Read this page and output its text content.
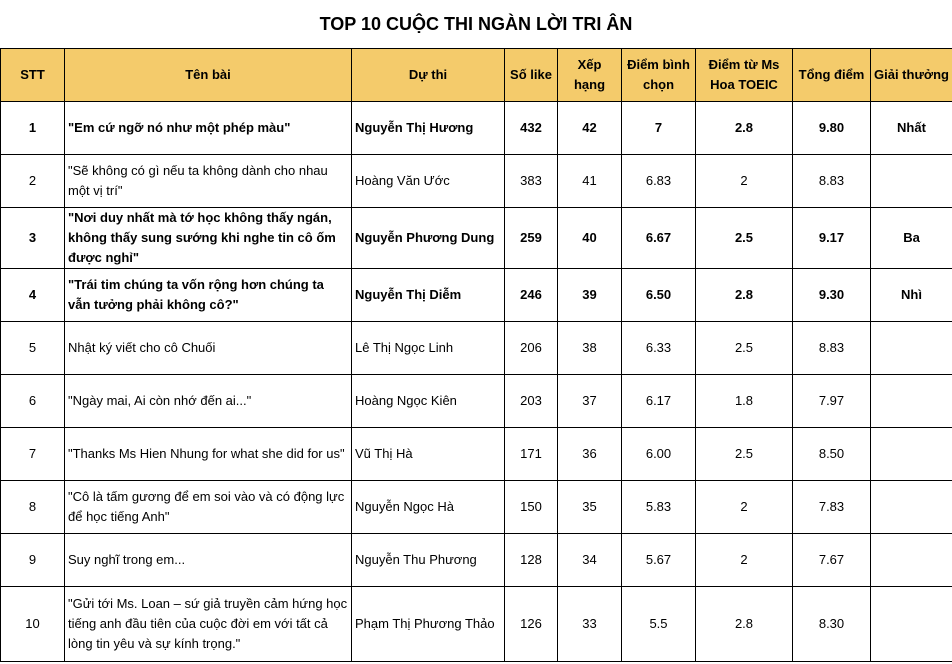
TOP 10 CUỘC THI NGÀN LỜI TRI ÂN
STT	Tên bài	Dự thi	Số like	Xếp hạng	Điểm bình chọn	Điểm từ Ms Hoa TOEIC	Tổng điểm	Giải thưởng
1	"Em cứ ngỡ nó như một phép màu"	Nguyễn Thị Hương	432	42	7	2.8	9.80	Nhất
2	"Sẽ không có gì nếu ta không dành cho nhau một vị trí"	Hoàng Văn Ước	383	41	6.83	2	8.83	
3	"Nơi duy nhất mà tớ học không thấy ngán, không thấy sung sướng khi nghe tin cô ốm được nghỉ"	Nguyễn Phương Dung	259	40	6.67	2.5	9.17	Ba
4	"Trái tim chúng ta vốn rộng hơn chúng ta vẫn tưởng phải không cô?"	Nguyễn Thị Diễm	246	39	6.50	2.8	9.30	Nhì
5	Nhật ký viết cho cô Chuối	Lê Thị Ngọc Linh	206	38	6.33	2.5	8.83	
6	"Ngày mai, Ai còn nhớ đến ai..."	Hoàng Ngọc Kiên	203	37	6.17	1.8	7.97	
7	"Thanks Ms Hien Nhung for what she did for us"	Vũ Thị Hà	171	36	6.00	2.5	8.50	
8	"Cô là tấm gương để em soi vào và có động lực để học tiếng Anh"	Nguyễn Ngọc Hà	150	35	5.83	2	7.83	
9	Suy nghĩ trong em...	Nguyễn Thu Phương	128	34	5.67	2	7.67	
10	"Gửi tới Ms. Loan – sứ giả truyền cảm hứng học tiếng anh đầu tiên của cuộc đời em với tất cả lòng tin yêu và sự kính trọng."	Phạm Thị Phương Thảo	126	33	5.5	2.8	8.30	
